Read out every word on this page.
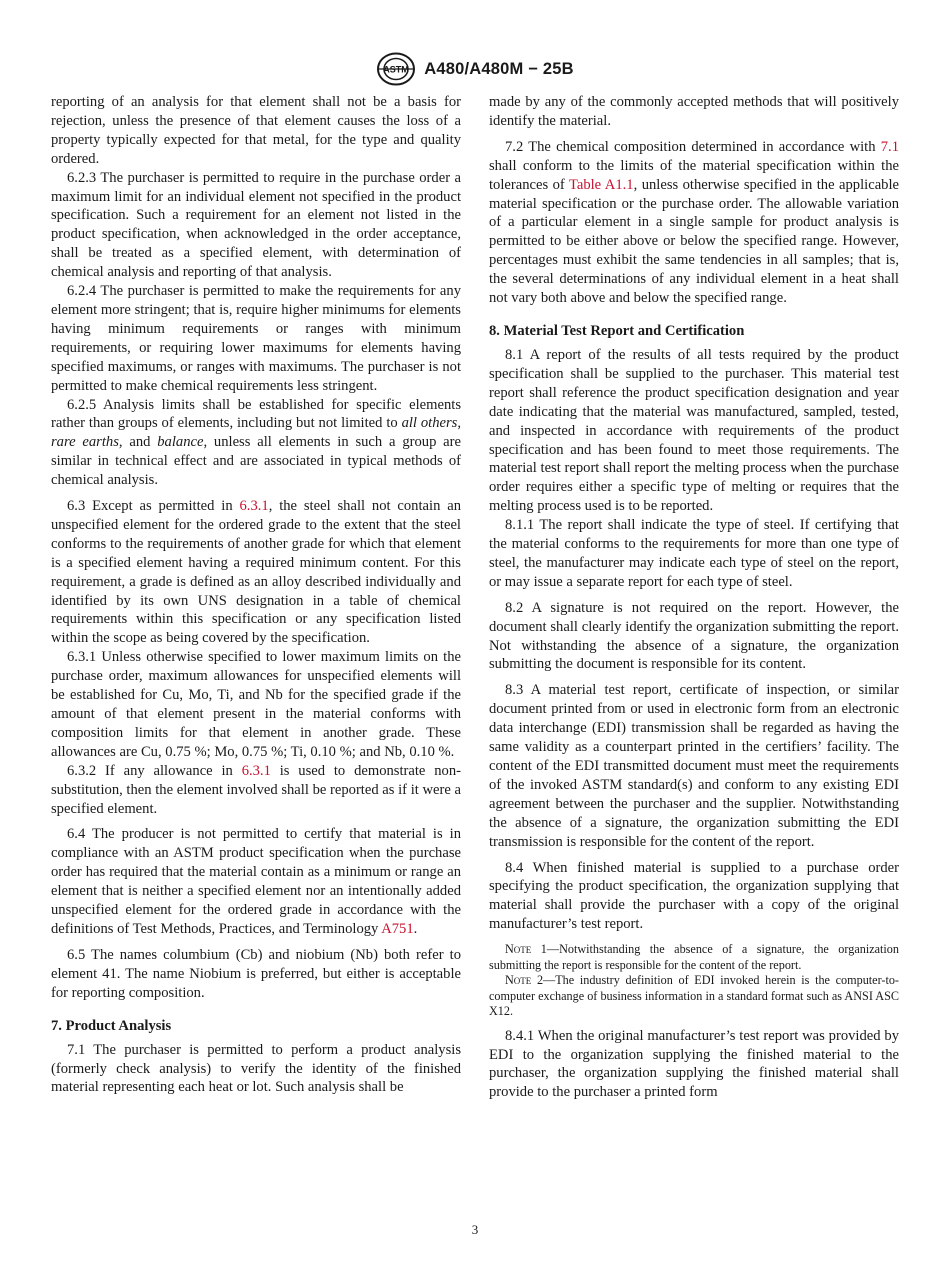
ASTM A480/A480M − 25B

reporting of an analysis for that element shall not be a basis for rejection, unless the presence of that element causes the loss of a property typically expected for that metal, for the type and quality ordered.

6.2.3 The purchaser is permitted to require in the purchase order a maximum limit for an individual element not specified in the product specification. Such a requirement for an element not listed in the product specification, when acknowledged in the order acceptance, shall be treated as a specified element, with determination of chemical analysis and reporting of that analysis.

6.2.4 The purchaser is permitted to make the requirements for any element more stringent; that is, require higher minimums for elements having minimum requirements or ranges with minimum requirements, or requiring lower maximums for elements having specified maximums, or ranges with maximums. The purchaser is not permitted to make chemical requirements less stringent.

6.2.5 Analysis limits shall be established for specific elements rather than groups of elements, including but not limited to all others, rare earths, and balance, unless all elements in such a group are similar in technical effect and are associated in typical methods of chemical analysis.

6.3 Except as permitted in 6.3.1, the steel shall not contain an unspecified element for the ordered grade to the extent that the steel conforms to the requirements of another grade for which that element is a specified element having a required minimum content. For this requirement, a grade is defined as an alloy described individually and identified by its own UNS designation in a table of chemical requirements within this specification or any specification listed within the scope as being covered by the specification.

6.3.1 Unless otherwise specified to lower maximum limits on the purchase order, maximum allowances for unspecified elements will be established for Cu, Mo, Ti, and Nb for the specified grade if the amount of that element present in the material conforms with composition limits for that element in another grade. These allowances are Cu, 0.75 %; Mo, 0.75 %; Ti, 0.10 %; and Nb, 0.10 %.

6.3.2 If any allowance in 6.3.1 is used to demonstrate non-substitution, then the element involved shall be reported as if it were a specified element.

6.4 The producer is not permitted to certify that material is in compliance with an ASTM product specification when the purchase order has required that the material contain as a minimum or range an element that is neither a specified element nor an intentionally added unspecified element for the ordered grade in accordance with the definitions of Test Methods, Practices, and Terminology A751.

6.5 The names columbium (Cb) and niobium (Nb) both refer to element 41. The name Niobium is preferred, but either is acceptable for reporting composition.

7. Product Analysis

7.1 The purchaser is permitted to perform a product analysis (formerly check analysis) to verify the identity of the finished material representing each heat or lot. Such analysis shall be

made by any of the commonly accepted methods that will positively identify the material.

7.2 The chemical composition determined in accordance with 7.1 shall conform to the limits of the material specification within the tolerances of Table A1.1, unless otherwise specified in the applicable material specification or the purchase order. The allowable variation of a particular element in a single sample for product analysis is permitted to be either above or below the specified range. However, percentages must exhibit the same tendencies in all samples; that is, the several determinations of any individual element in a heat shall not vary both above and below the specified range.

8. Material Test Report and Certification

8.1 A report of the results of all tests required by the product specification shall be supplied to the purchaser. This material test report shall reference the product specification designation and year date indicating that the material was manufactured, sampled, tested, and inspected in accordance with requirements of the product specification and has been found to meet those requirements. The material test report shall report the melting process when the purchase order requires either a specific type of melting or requires that the melting process used is to be reported.

8.1.1 The report shall indicate the type of steel. If certifying that the material conforms to the requirements for more than one type of steel, the manufacturer may indicate each type of steel on the report, or may issue a separate report for each type of steel.

8.2 A signature is not required on the report. However, the document shall clearly identify the organization submitting the report. Not withstanding the absence of a signature, the organization submitting the document is responsible for its content.

8.3 A material test report, certificate of inspection, or similar document printed from or used in electronic form from an electronic data interchange (EDI) transmission shall be regarded as having the same validity as a counterpart printed in the certifiers’ facility. The content of the EDI transmitted document must meet the requirements of the invoked ASTM standard(s) and conform to any existing EDI agreement between the purchaser and the supplier. Notwithstanding the absence of a signature, the organization submitting the EDI transmission is responsible for the content of the report.

8.4 When finished material is supplied to a purchase order specifying the product specification, the organization supplying that material shall provide the purchaser with a copy of the original manufacturer’s test report.

Note 1—Notwithstanding the absence of a signature, the organization submitting the report is responsible for the content of the report.

Note 2—The industry definition of EDI invoked herein is the computer-to-computer exchange of business information in a standard format such as ANSI ASC X12.

8.4.1 When the original manufacturer’s test report was provided by EDI to the organization supplying the finished material to the purchaser, the organization supplying the finished material shall provide to the purchaser a printed form

3
